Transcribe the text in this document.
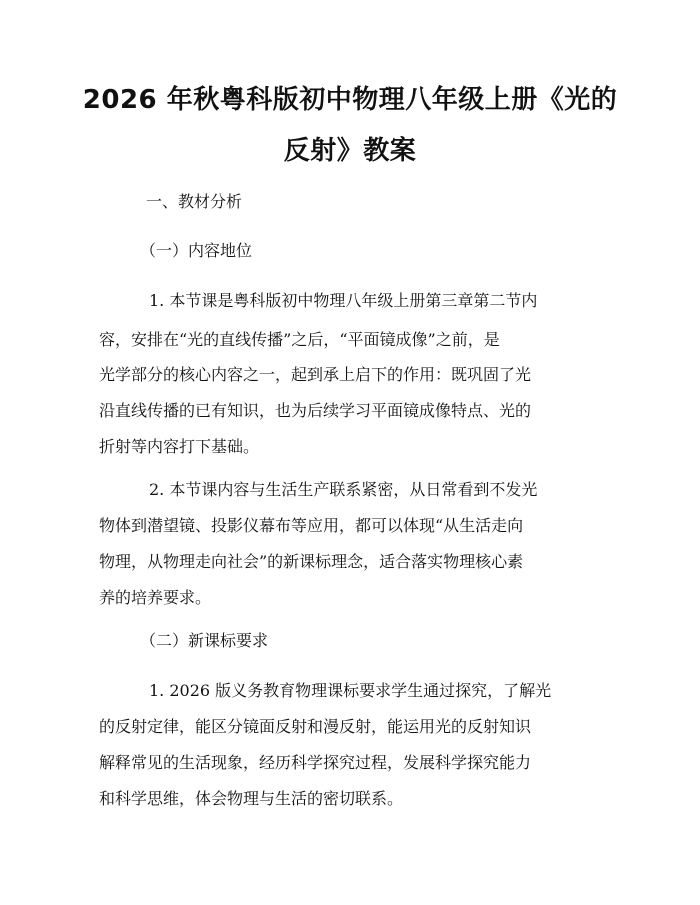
2026 年秋粤科版初中物理八年级上册《光的
反射》教案
一、教材分析
（一）内容地位
1. 本节课是粤科版初中物理八年级上册第三章第二节内
容，安排在“光的直线传播”之后，“平面镜成像”之前，是
光学部分的核心内容之一，起到承上启下的作用：既巩固了光
沿直线传播的已有知识，也为后续学习平面镜成像特点、光的
折射等内容打下基础。
2. 本节课内容与生活生产联系紧密，从日常看到不发光
物体到潜望镜、投影仪幕布等应用，都可以体现“从生活走向
物理，从物理走向社会”的新课标理念，适合落实物理核心素
养的培养要求。
（二）新课标要求
1. 2026 版义务教育物理课标要求学生通过探究，了解光
的反射定律，能区分镜面反射和漫反射，能运用光的反射知识
解释常见的生活现象，经历科学探究过程，发展科学探究能力
和科学思维，体会物理与生活的密切联系。
